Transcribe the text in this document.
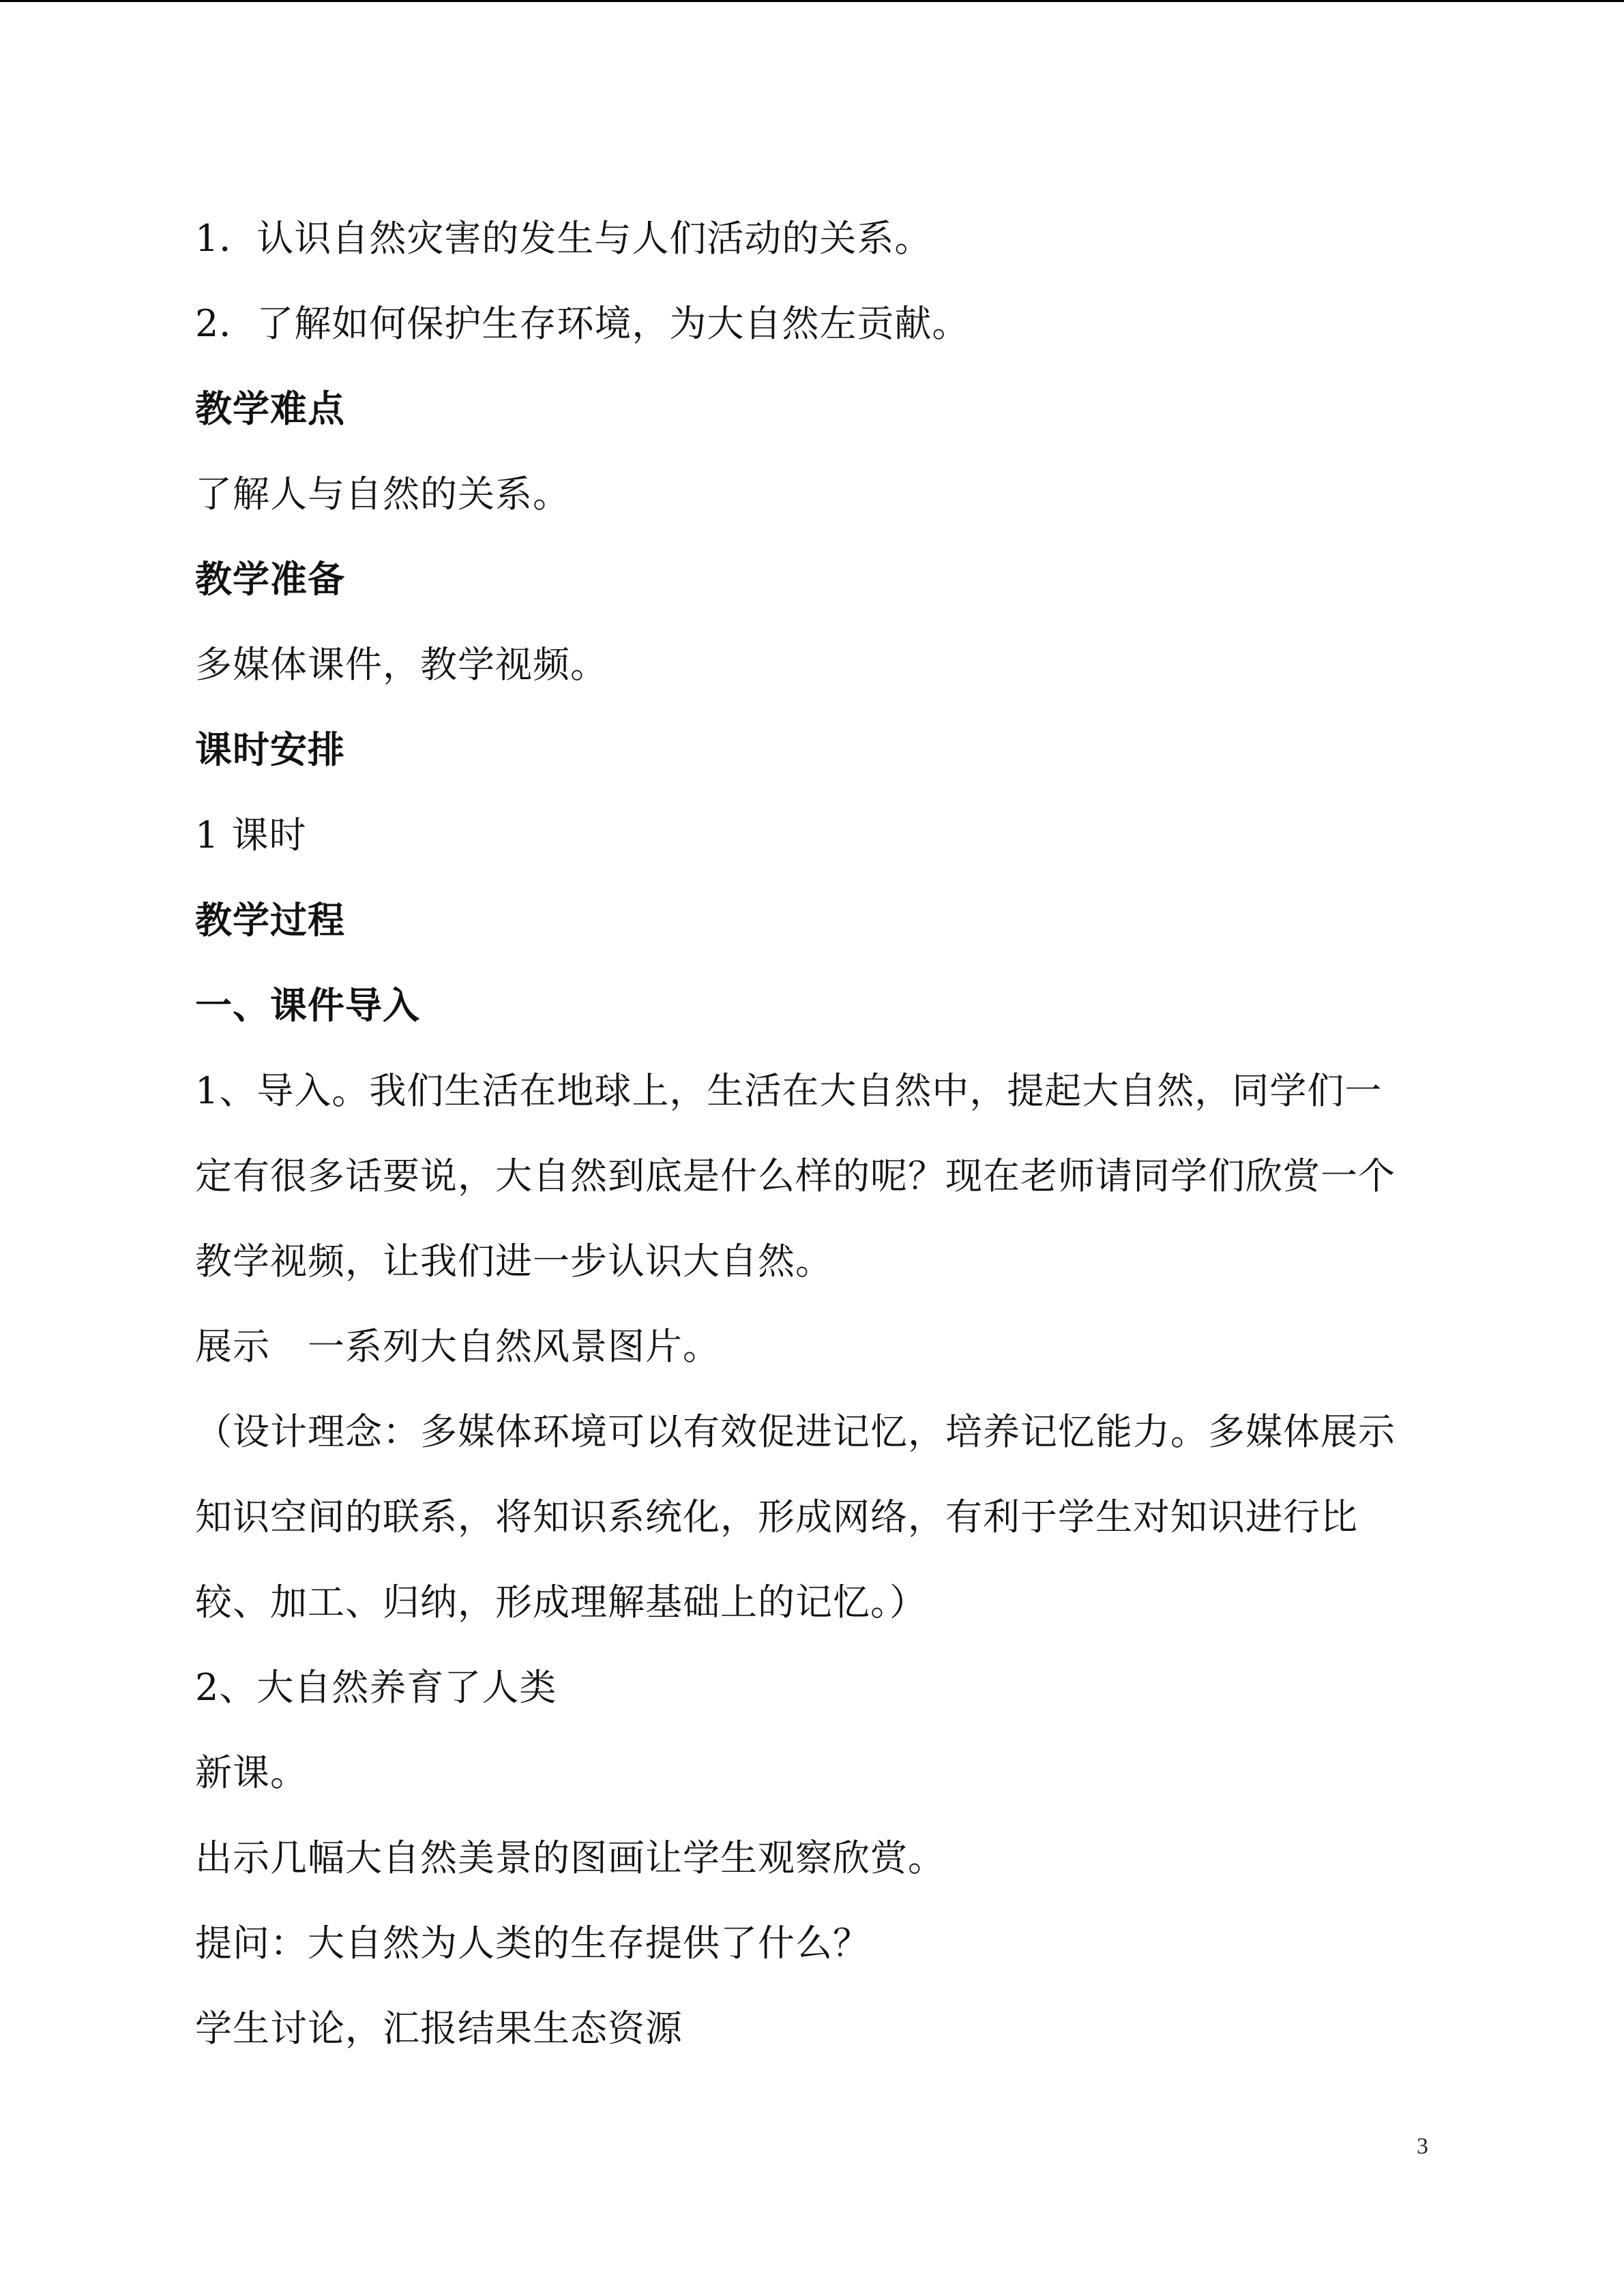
1．认识自然灾害的发生与人们活动的关系。
2．了解如何保护生存环境，为大自然左贡献。
教学难点
了解人与自然的关系。
教学准备
多媒体课件，教学视频。
课时安排
1 课时
教学过程
一、课件导入
1、导入。我们生活在地球上，生活在大自然中，提起大自然，同学们一
定有很多话要说，大自然到底是什么样的呢？现在老师请同学们欣赏一个
教学视频，让我们进一步认识大自然。
展示　一系列大自然风景图片。
（设计理念：多媒体环境可以有效促进记忆，培养记忆能力。多媒体展示
知识空间的联系，将知识系统化，形成网络，有利于学生对知识进行比
较、加工、归纳，形成理解基础上的记忆。）
2、大自然养育了人类
新课。
出示几幅大自然美景的图画让学生观察欣赏。
提问：大自然为人类的生存提供了什么？
学生讨论，汇报结果生态资源
3
